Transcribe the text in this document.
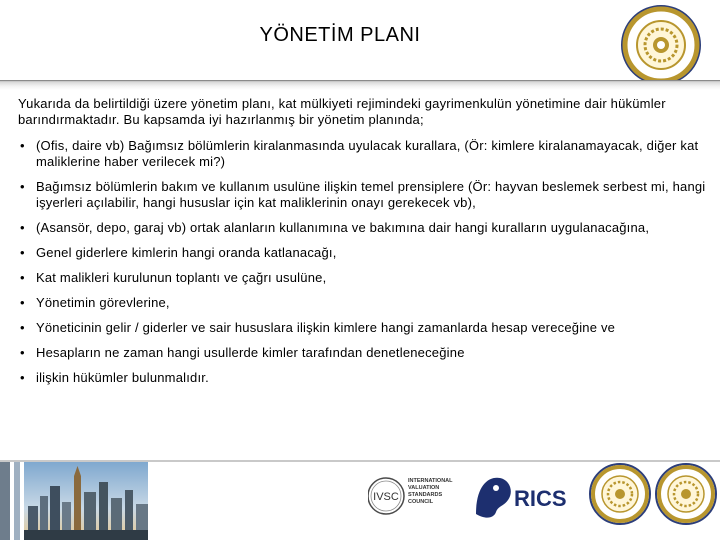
YÖNETİM PLANI

Yukarıda da belirtildiği üzere yönetim planı, kat mülkiyeti rejimindeki gayrimenkulün yönetimine dair hükümler barındırmaktadır. Bu kapsamda iyi hazırlanmış bir yönetim planında;

• (Ofis, daire vb) Bağımsız bölümlerin kiralanmasında uyulacak kurallara, (Ör: kimlere kiralanamayacak, diğer kat maliklerine haber verilecek mi?)
• Bağımsız bölümlerin bakım ve kullanım usulüne ilişkin temel prensiplere (Ör: hayvan beslemek serbest mi, hangi işyerleri açılabilir, hangi hususlar için kat maliklerinin onayı gerekecek vb),
• (Asansör, depo, garaj vb) ortak alanların kullanımına ve bakımına dair hangi kuralların uygulanacağına,
• Genel giderlere kimlerin hangi oranda katlanacağı,
• Kat malikleri kurulunun toplantı ve çağrı usulüne,
• Yönetimin görevlerine,
• Yöneticinin gelir / giderler ve sair hususlara ilişkin kimlere hangi zamanlarda hesap vereceğine ve
• Hesapların ne zaman hangi usullerde kimler tarafından denetleneceğine
• ilişkin hükümler bulunmalıdır.
IVSC
INTERNATIONAL VALUATION STANDARDS COUNCIL	RICS
